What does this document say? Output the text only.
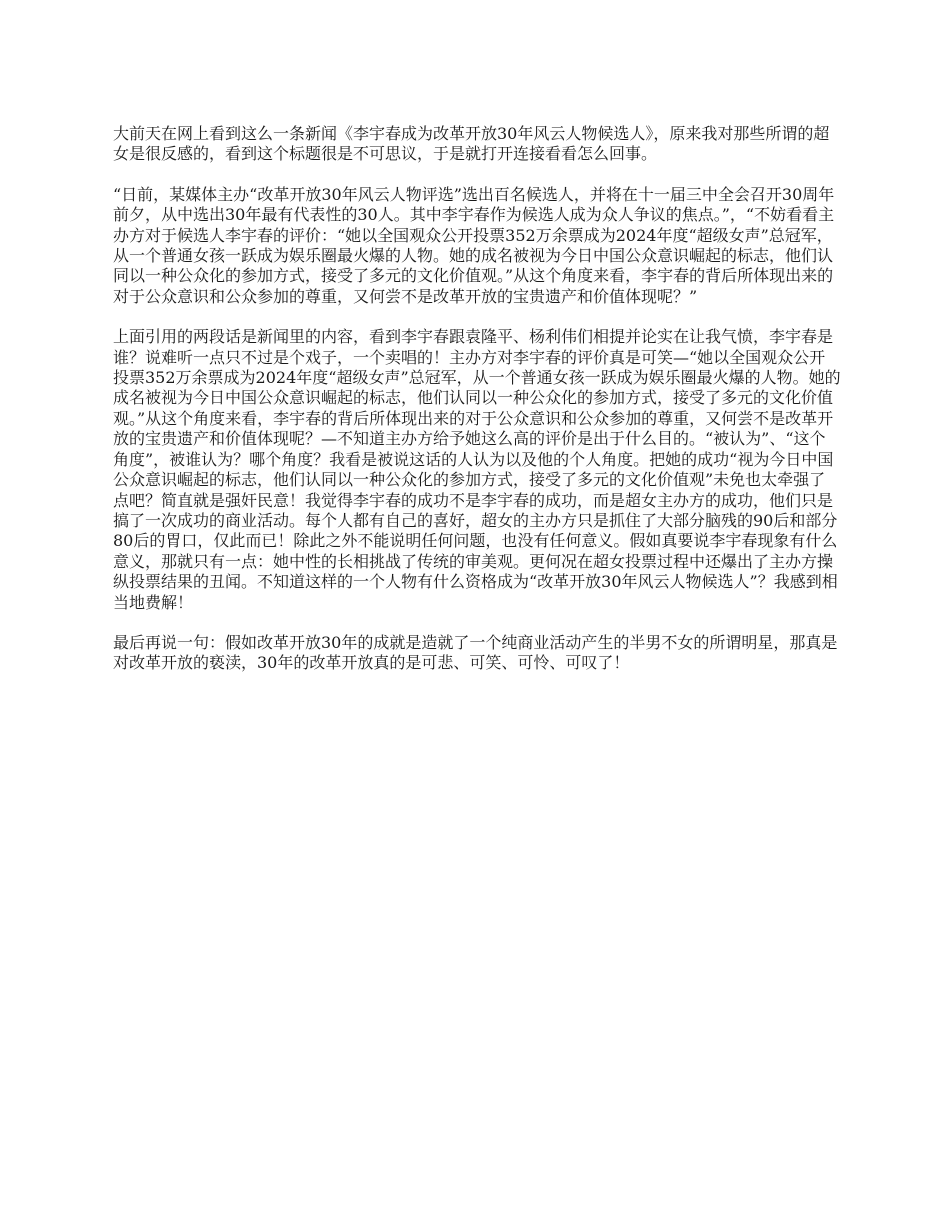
大前天在网上看到这么一条新闻《李宇春成为改革开放30年风云人物候选人》，原来我对那些所谓的超女是很反感的，看到这个标题很是不可思议，于是就打开连接看看怎么回事。

“日前，某媒体主办“改革开放30年风云人物评选”选出百名候选人，并将在十一届三中全会召开30周年前夕，从中选出30年最有代表性的30人。其中李宇春作为候选人成为众人争议的焦点。”，“不妨看看主办方对于候选人李宇春的评价：“她以全国观众公开投票352万余票成为2024年度“超级女声”总冠军，从一个普通女孩一跃成为娱乐圈最火爆的人物。她的成名被视为今日中国公众意识崛起的标志，他们认同以一种公众化的参加方式，接受了多元的文化价值观。”从这个角度来看，李宇春的背后所体现出来的对于公众意识和公众参加的尊重，又何尝不是改革开放的宝贵遗产和价值体现呢？”

上面引用的两段话是新闻里的内容，看到李宇春跟袁隆平、杨利伟们相提并论实在让我气愤，李宇春是谁？说难听一点只不过是个戏子，一个卖唱的！主办方对李宇春的评价真是可笑—“她以全国观众公开投票352万余票成为2024年度“超级女声”总冠军，从一个普通女孩一跃成为娱乐圈最火爆的人物。她的成名被视为今日中国公众意识崛起的标志，他们认同以一种公众化的参加方式，接受了多元的文化价值观。”从这个角度来看，李宇春的背后所体现出来的对于公众意识和公众参加的尊重，又何尝不是改革开放的宝贵遗产和价值体现呢？—不知道主办方给予她这么高的评价是出于什么目的。“被认为”、“这个角度”，被谁认为？哪个角度？我看是被说这话的人认为以及他的个人角度。把她的成功“视为今日中国公众意识崛起的标志，他们认同以一种公众化的参加方式，接受了多元的文化价值观”未免也太牵强了点吧？简直就是强奸民意！我觉得李宇春的成功不是李宇春的成功，而是超女主办方的成功，他们只是搞了一次成功的商业活动。每个人都有自己的喜好，超女的主办方只是抓住了大部分脑残的90后和部分80后的胃口，仅此而已！除此之外不能说明任何问题，也没有任何意义。假如真要说李宇春现象有什么意义，那就只有一点：她中性的长相挑战了传统的审美观。更何况在超女投票过程中还爆出了主办方操纵投票结果的丑闻。不知道这样的一个人物有什么资格成为“改革开放30年风云人物候选人”？我感到相当地费解！

最后再说一句：假如改革开放30年的成就是造就了一个纯商业活动产生的半男不女的所谓明星，那真是对改革开放的亵渎，30年的改革开放真的是可悲、可笑、可怜、可叹了！
